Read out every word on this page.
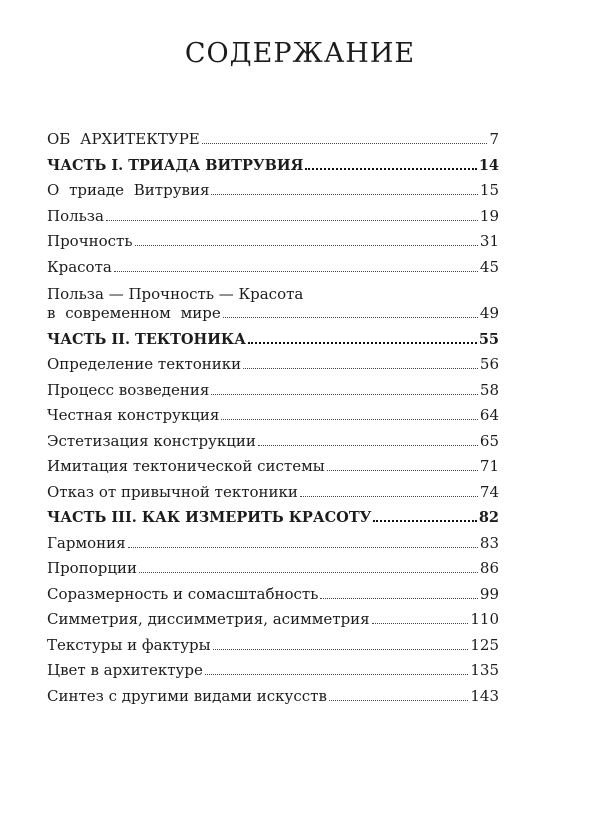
СОДЕРЖАНИЕ
ОБ АРХИТЕКТУРЕ	7
ЧАСТЬ I. ТРИАДА ВИТРУВИЯ	14
О триаде Витрувия	15
Польза	19
Прочность	31
Красота	45
Польза — Прочность — Красота
в современном мире	49
ЧАСТЬ II. ТЕКТОНИКА	55
Определение тектоники	56
Процесс возведения	58
Честная конструкция	64
Эстетизация конструкции	65
Имитация тектонической системы	71
Отказ от привычной тектоники	74
ЧАСТЬ III. КАК ИЗМЕРИТЬ КРАСОТУ	82
Гармония	83
Пропорции	86
Соразмерность и сомасштабность	99
Симметрия, диссимметрия, асимметрия	110
Текстуры и фактуры	125
Цвет в архитектуре	135
Синтез с другими видами искусств	143
